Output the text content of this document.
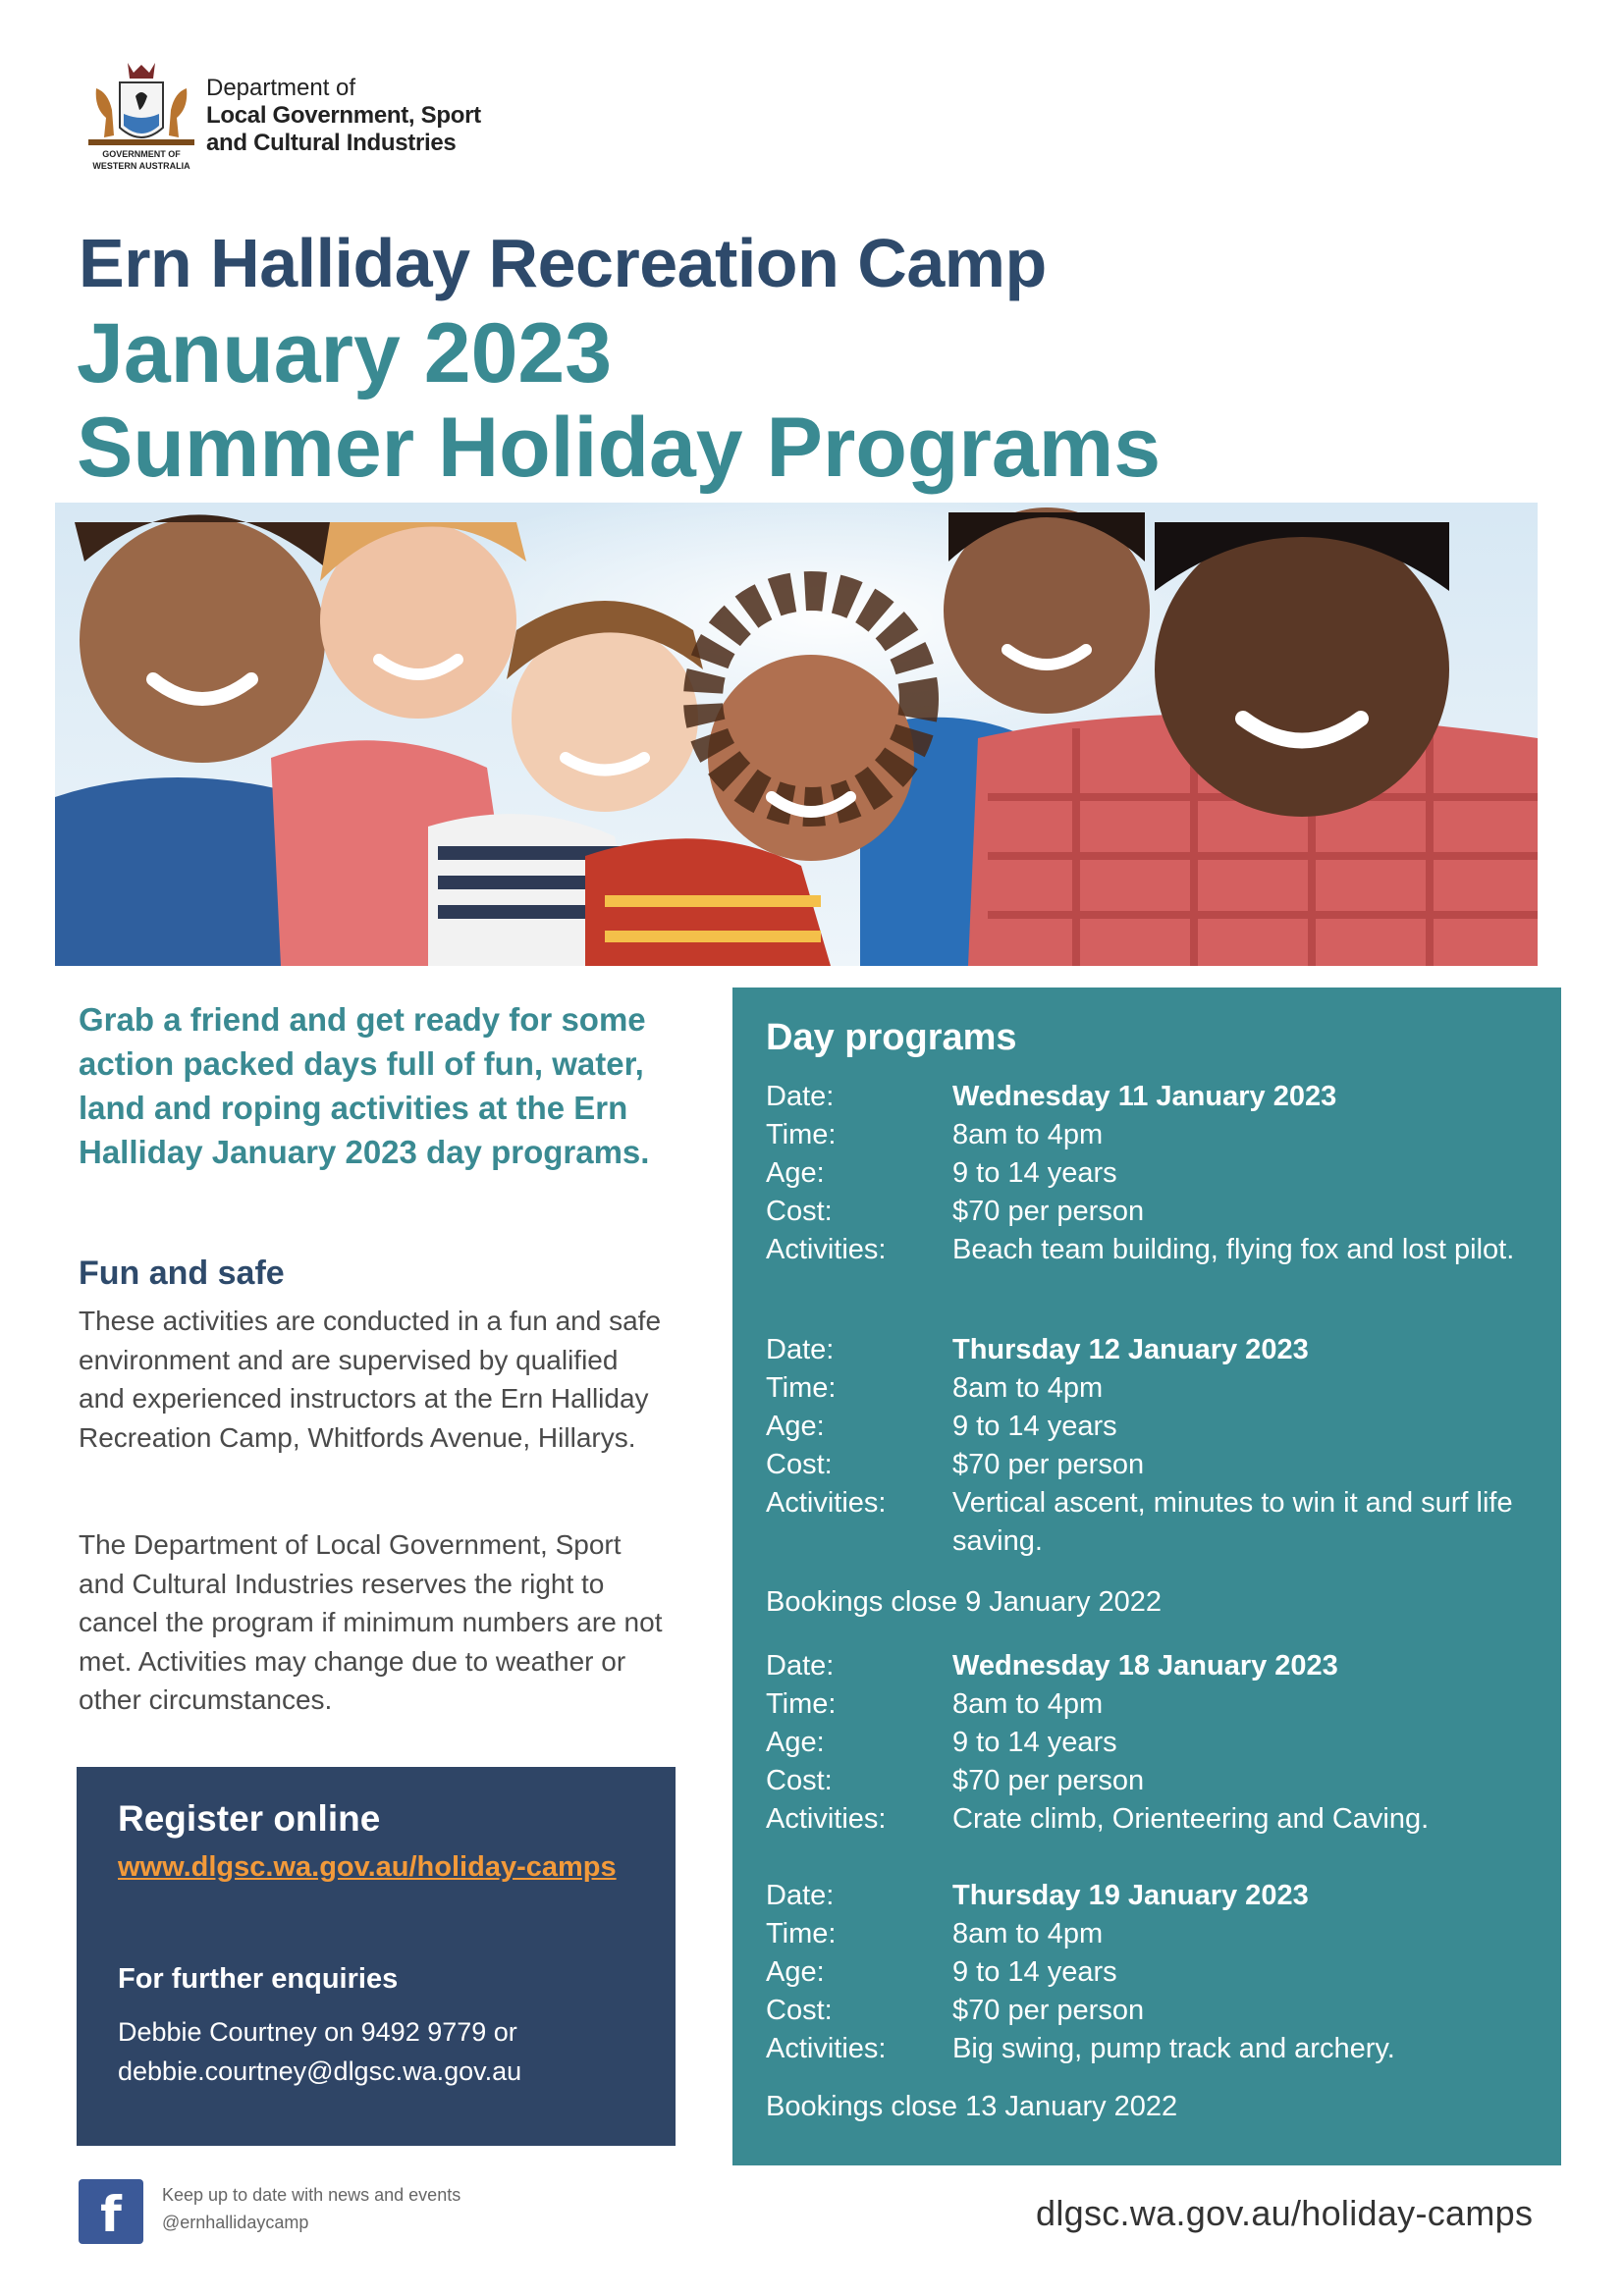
GOVERNMENT OF
WESTERN AUSTRALIA
Department of
Local Government, Sport
and Cultural Industries
Ern Halliday Recreation Camp
January 2023
Summer Holiday Programs
Grab a friend and get ready for some action packed days full of fun, water, land and roping activities at the Ern Halliday January 2023 day programs.
Fun and safe
These activities are conducted in a fun and safe environment and are supervised by qualified and experienced instructors at the Ern Halliday Recreation Camp, Whitfords Avenue, Hillarys.
The Department of Local Government, Sport and Cultural Industries reserves the right to cancel the program if minimum numbers are not met. Activities may change due to weather or other circumstances.
Register online
www.dlgsc.wa.gov.au/holiday-camps
For further enquiries
Debbie Courtney on 9492 9779 or
debbie.courtney@dlgsc.wa.gov.au
Day programs
Date:	Wednesday 11 January 2023
Time:	8am to 4pm
Age:	9 to 14 years
Cost:	$70 per person
Activities:	Beach team building, flying fox and lost pilot.
Date:	Thursday 12 January 2023
Time:	8am to 4pm
Age:	9 to 14 years
Cost:	$70 per person
Activities:	Vertical ascent, minutes to win it and surf life saving.
Bookings close 9 January 2022
Date:	Wednesday 18 January 2023
Time:	8am to 4pm
Age:	9 to 14 years
Cost:	$70 per person
Activities:	Crate climb, Orienteering and Caving.
Date:	Thursday 19 January 2023
Time:	8am to 4pm
Age:	9 to 14 years
Cost:	$70 per person
Activities:	Big swing, pump track and archery.
Bookings close 13 January 2022
f	Keep up to date with news and events
@ernhallidaycamp	dlgsc.wa.gov.au/holiday-camps
